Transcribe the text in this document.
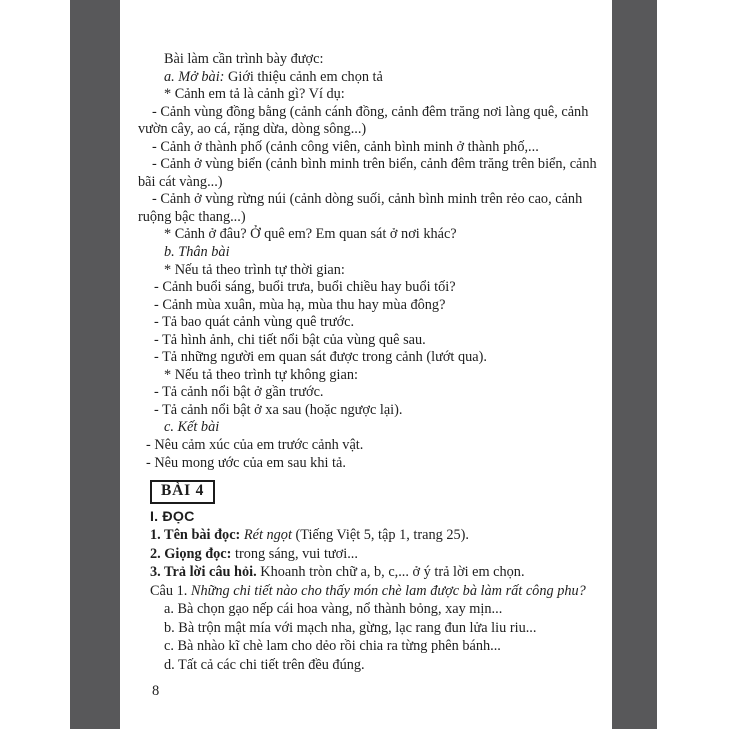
Bài làm cần trình bày được:
a. Mở bài: Giới thiệu cảnh em chọn tả
* Cảnh em tả là cảnh gì? Ví dụ:
- Cảnh vùng đồng bằng (cảnh cánh đồng, cảnh đêm trăng nơi làng quê, cảnh
vườn cây, ao cá, rặng dừa, dòng sông...)
- Cảnh ở thành phố (cảnh công viên, cảnh bình minh ở thành phố,...
- Cảnh ở vùng biển (cảnh bình minh trên biển, cảnh đêm trăng trên biển, cảnh
bãi cát vàng...)
- Cảnh ở vùng rừng núi (cảnh dòng suối, cảnh bình minh trên rẻo cao, cảnh
ruộng bậc thang...)
* Cảnh ở đâu? Ở quê em? Em quan sát ở nơi khác?
b. Thân bài
* Nếu tả theo trình tự thời gian:
- Cảnh buổi sáng, buổi trưa, buổi chiều hay buổi tối?
- Cảnh mùa xuân, mùa hạ, mùa thu hay mùa đông?
- Tả bao quát cảnh vùng quê trước.
- Tả hình ảnh, chi tiết nổi bật của vùng quê sau.
- Tả những người em quan sát được trong cảnh (lướt qua).
* Nếu tả theo trình tự không gian:
- Tả cảnh nổi bật ở gần trước.
- Tả cảnh nổi bật ở xa sau (hoặc ngược lại).
c. Kết bài
- Nêu cảm xúc của em trước cảnh vật.
- Nêu mong ước của em sau khi tả.
BÀI 4
I. ĐỌC
1. Tên bài đọc: Rét ngọt (Tiếng Việt 5, tập 1, trang 25).
2. Giọng đọc: trong sáng, vui tươi...
3. Trả lời câu hỏi. Khoanh tròn chữ a, b, c,... ở ý trả lời em chọn.
Câu 1. Những chi tiết nào cho thấy món chè lam được bà làm rất công phu?
a. Bà chọn gạo nếp cái hoa vàng, nổ thành bỏng, xay mịn...
b. Bà trộn mật mía với mạch nha, gừng, lạc rang đun lửa liu riu...
c. Bà nhào kĩ chè lam cho dẻo rồi chia ra từng phên bánh...
d. Tất cả các chi tiết trên đều đúng.
8
